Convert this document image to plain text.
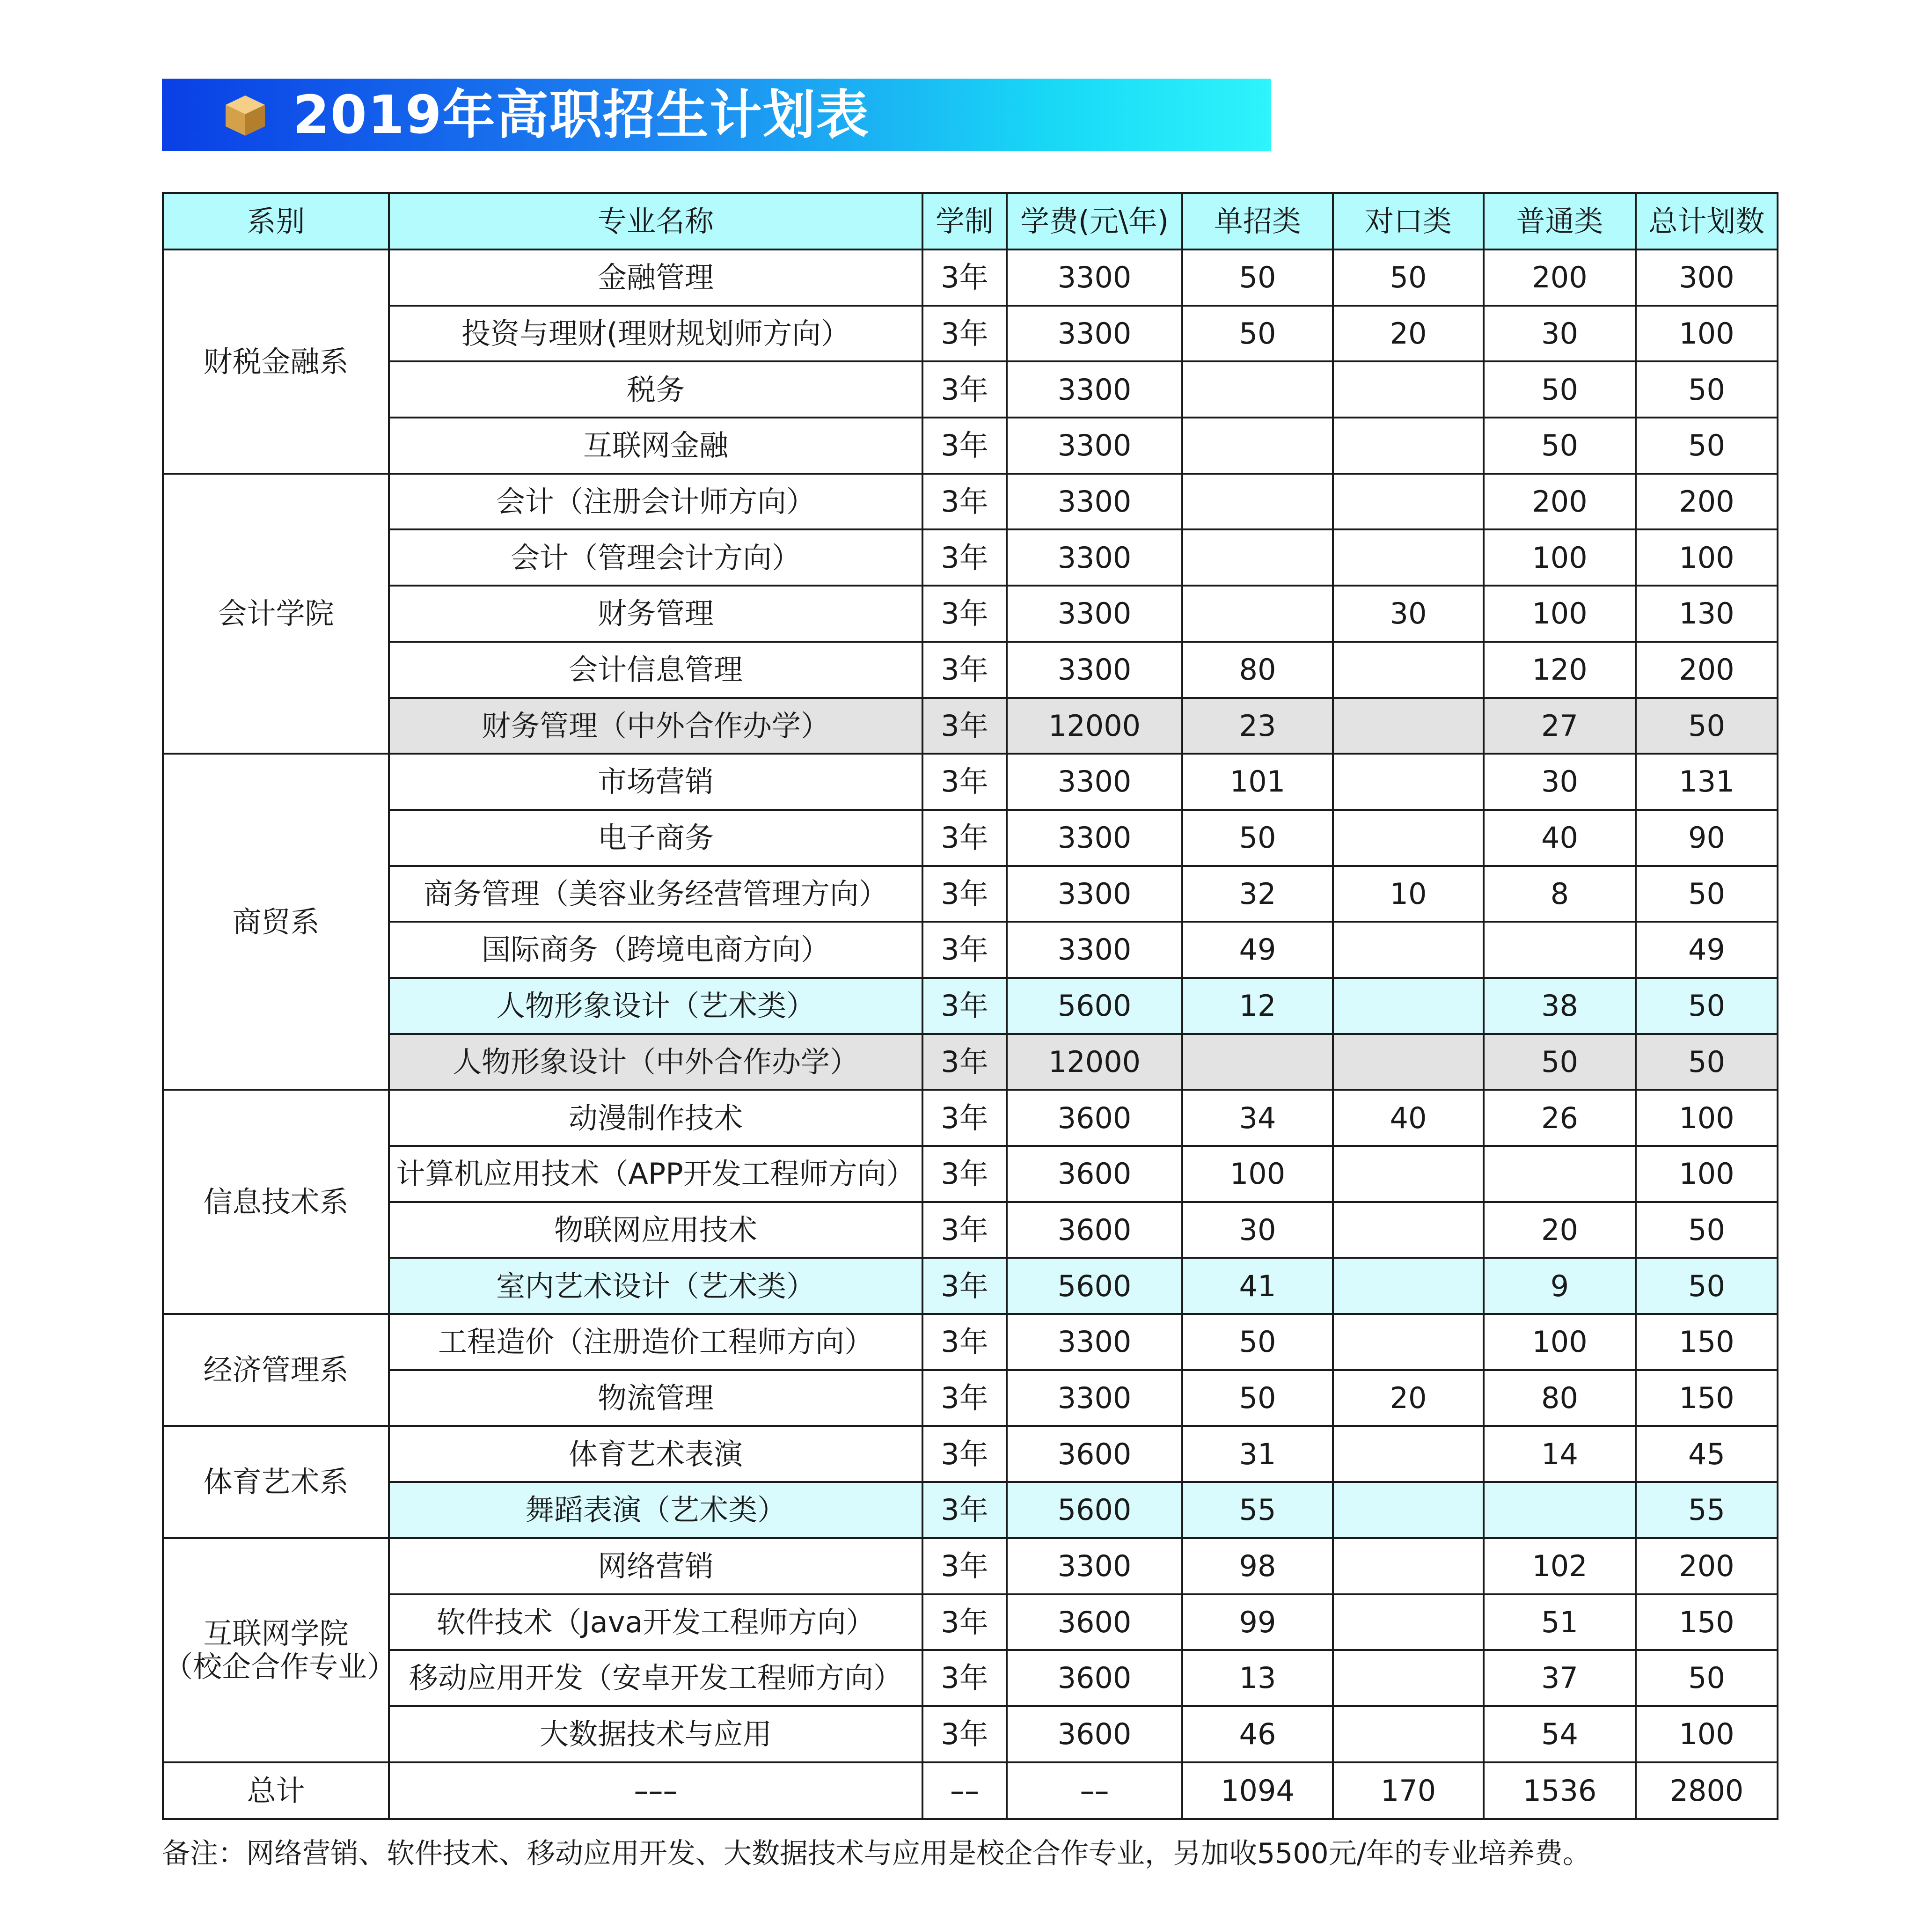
2019年高职招生计划表
系别	专业名称	学制	学费(元\年)	单招类	对口类	普通类	总计划数

财税金融系	金融管理	3年	3300	50	50	200	300
	投资与理财(理财规划师方向）	3年	3300	50	20	30	100
	税务	3年	3300			50	50
	互联网金融	3年	3300			50	50

会计学院	会计（注册会计师方向）	3年	3300			200	200
	会计（管理会计方向）	3年	3300			100	100
	财务管理	3年	3300		30	100	130
	会计信息管理	3年	3300	80		120	200
	财务管理（中外合作办学）	3年	12000	23		27	50

商贸系	市场营销	3年	3300	101		30	131
	电子商务	3年	3300	50		40	90
	商务管理（美容业务经营管理方向）	3年	3300	32	10	8	50
	国际商务（跨境电商方向）	3年	3300	49			49
	人物形象设计（艺术类）	3年	5600	12		38	50
	人物形象设计（中外合作办学）	3年	12000			50	50

信息技术系	动漫制作技术	3年	3600	34	40	26	100
	计算机应用技术（APP开发工程师方向）	3年	3600	100			100
	物联网应用技术	3年	3600	30		20	50
	室内艺术设计（艺术类）	3年	5600	41		9	50

经济管理系	工程造价（注册造价工程师方向）	3年	3300	50		100	150
	物流管理	3年	3300	50	20	80	150

体育艺术系	体育艺术表演	3年	3600	31		14	45
	舞蹈表演（艺术类）	3年	5600	55			55

互联网学院
（校企合作专业）	网络营销	3年	3300	98		102	200
	软件技术（Java开发工程师方向）	3年	3600	99		51	150
	移动应用开发（安卓开发工程师方向）	3年	3600	13		37	50
	大数据技术与应用	3年	3600	46		54	100
总计	–––	––	––	1094	170	1536	2800
备注：网络营销、软件技术、移动应用开发、大数据技术与应用是校企合作专业，另加收5500元/年的专业培养费。
